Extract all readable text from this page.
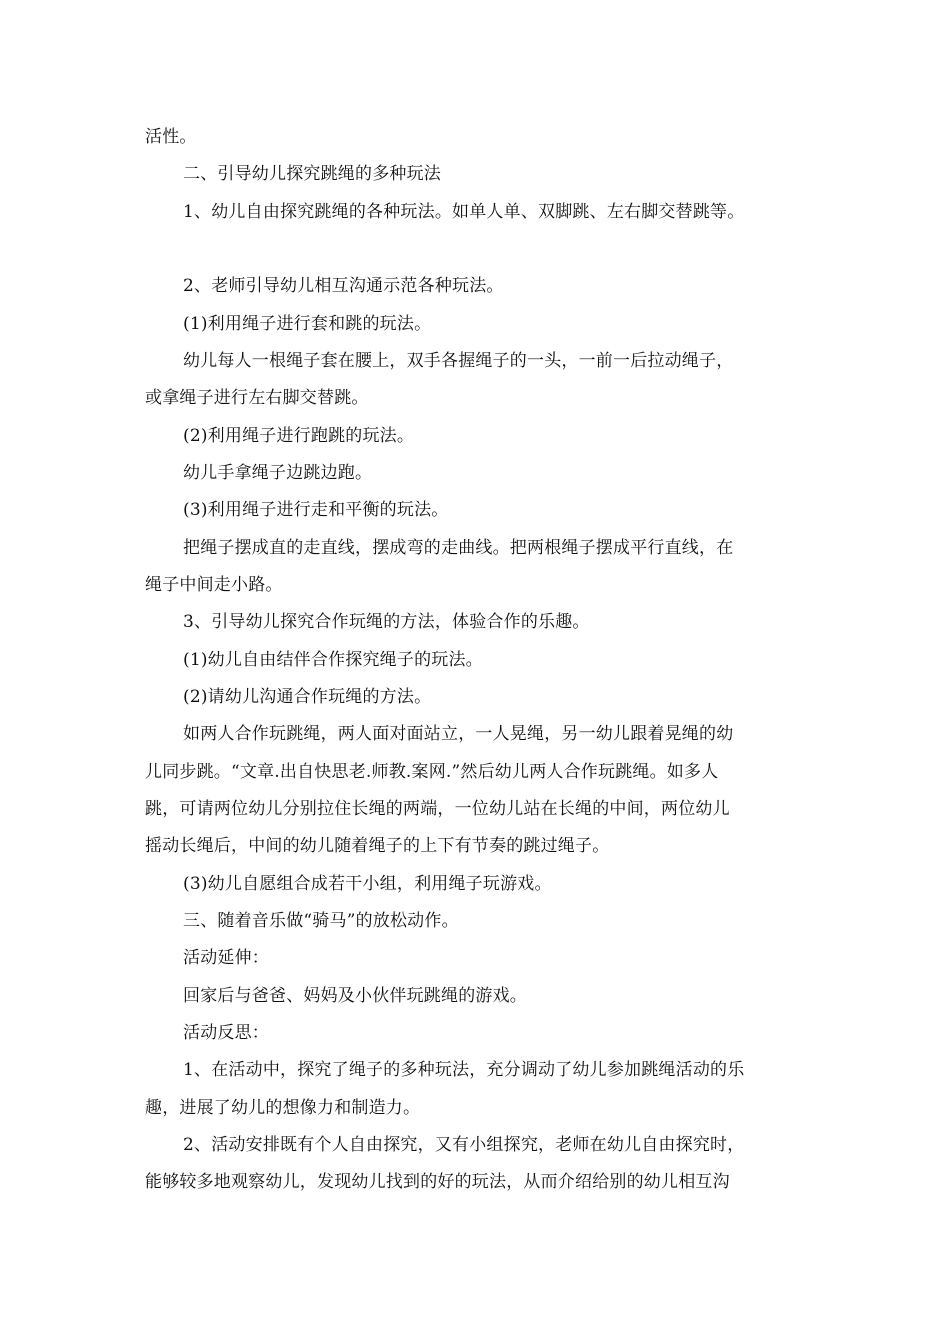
活性。
二、引导幼儿探究跳绳的多种玩法
1、幼儿自由探究跳绳的各种玩法。如单人单、双脚跳、左右脚交替跳等。
2、老师引导幼儿相互沟通示范各种玩法。
(1)利用绳子进行套和跳的玩法。
幼儿每人一根绳子套在腰上，双手各握绳子的一头，一前一后拉动绳子，
或拿绳子进行左右脚交替跳。
(2)利用绳子进行跑跳的玩法。
幼儿手拿绳子边跳边跑。
(3)利用绳子进行走和平衡的玩法。
把绳子摆成直的走直线，摆成弯的走曲线。把两根绳子摆成平行直线，在
绳子中间走小路。
3、引导幼儿探究合作玩绳的方法，体验合作的乐趣。
(1)幼儿自由结伴合作探究绳子的玩法。
(2)请幼儿沟通合作玩绳的方法。
如两人合作玩跳绳，两人面对面站立，一人晃绳，另一幼儿跟着晃绳的幼
儿同步跳。“文章.出自快思老.师教.案网.”然后幼儿两人合作玩跳绳。如多人
跳，可请两位幼儿分别拉住长绳的两端，一位幼儿站在长绳的中间，两位幼儿
摇动长绳后，中间的幼儿随着绳子的上下有节奏的跳过绳子。
(3)幼儿自愿组合成若干小组，利用绳子玩游戏。
三、随着音乐做“骑马”的放松动作。
活动延伸：
回家后与爸爸、妈妈及小伙伴玩跳绳的游戏。
活动反思：
1、在活动中，探究了绳子的多种玩法，充分调动了幼儿参加跳绳活动的乐
趣，进展了幼儿的想像力和制造力。
2、活动安排既有个人自由探究，又有小组探究，老师在幼儿自由探究时，
能够较多地观察幼儿，发现幼儿找到的好的玩法，从而介绍给别的幼儿相互沟
